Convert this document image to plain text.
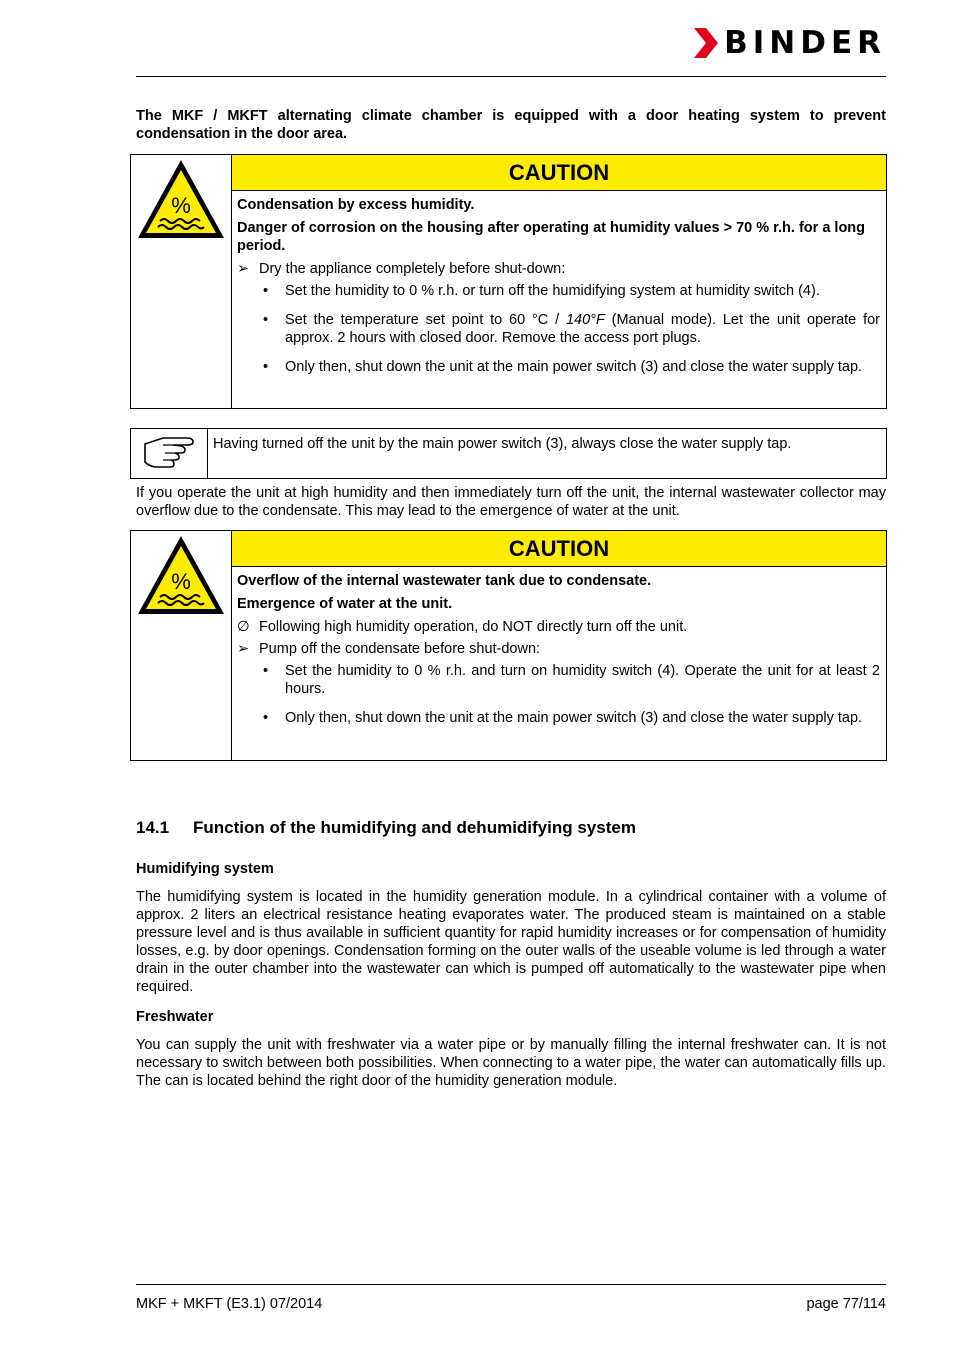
BINDER

The MKF / MKFT alternating climate chamber is equipped with a door heating system to prevent condensation in the door area.

%

CAUTION
Condensation by excess humidity.
Danger of corrosion on the housing after operating at humidity values > 70 % r.h. for a long period.
➢ Dry the appliance completely before shut-down:
•	Set the humidity to 0 % r.h. or turn off the humidifying system at humidity switch (4).
•	Set the temperature set point to 60 °C / 140°F (Manual mode). Let the unit operate for approx. 2 hours with closed door. Remove the access port plugs.
•	Only then, shut down the unit at the main power switch (3) and close the water supply tap.
	Having turned off the unit by the main power switch (3), always close the water supply tap.

If you operate the unit at high humidity and then immediately turn off the unit, the internal wastewater collector may overflow due to the condensate. This may lead to the emergence of water at the unit.

%

CAUTION
Overflow of the internal wastewater tank due to condensate.
Emergence of water at the unit.
∅ Following high humidity operation, do NOT directly turn off the unit.
➢ Pump off the condensate before shut-down:
•	Set the humidity to 0 % r.h. and turn on humidity switch (4). Operate the unit for at least 2 hours.
•	Only then, shut down the unit at the main power switch (3) and close the water supply tap.
14.1 Function of the humidifying and dehumidifying system

Humidifying system

The humidifying system is located in the humidity generation module. In a cylindrical container with a volume of approx. 2 liters an electrical resistance heating evaporates water. The produced steam is maintained on a stable pressure level and is thus available in sufficient quantity for rapid humidity increases or for compensation of humidity losses, e.g. by door openings. Condensation forming on the outer walls of the useable volume is led through a water drain in the outer chamber into the wastewater can which is pumped off automatically to the wastewater pipe when required.

Freshwater

You can supply the unit with freshwater via a water pipe or by manually filling the internal freshwater can. It is not necessary to switch between both possibilities. When connecting to a water pipe, the water can automatically fills up. The can is located behind the right door of the humidity generation module.

MKF + MKFT (E3.1) 07/2014	page 77/114
